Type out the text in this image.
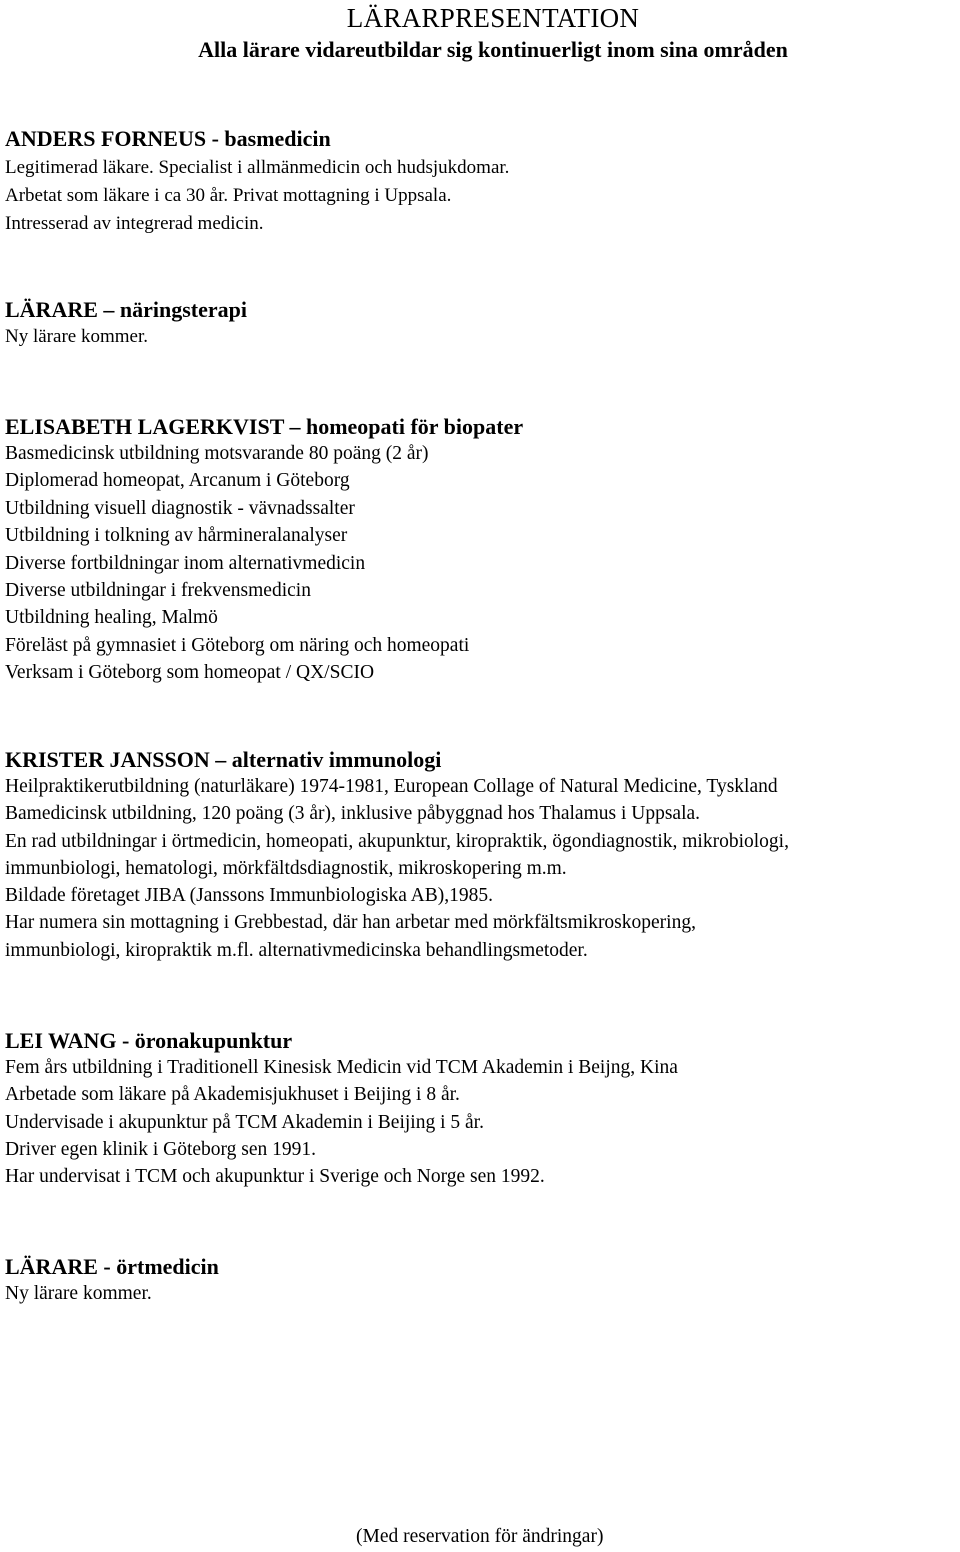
LÄRARPRESENTATION

Alla lärare vidareutbildar sig kontinuerligt inom sina områden

ANDERS FORNEUS - basmedicin

Legitimerad läkare. Specialist i allmänmedicin och hudsjukdomar.

Arbetat som läkare i ca 30 år. Privat mottagning i Uppsala.

Intresserad av integrerad medicin.

LÄRARE – näringsterapi

Ny lärare kommer.

ELISABETH LAGERKVIST – homeopati för biopater

Basmedicinsk utbildning motsvarande 80 poäng (2 år)

Diplomerad homeopat, Arcanum i Göteborg

Utbildning visuell diagnostik - vävnadssalter

Utbildning i tolkning av hårmineralanalyser

Diverse fortbildningar inom alternativmedicin

Diverse utbildningar i frekvensmedicin

Utbildning healing, Malmö

Föreläst på gymnasiet i Göteborg om näring och homeopati

Verksam i Göteborg som homeopat / QX/SCIO

KRISTER JANSSON – alternativ immunologi

Heilpraktikerutbildning (naturläkare) 1974-1981, European Collage of Natural Medicine, Tyskland

Bamedicinsk utbildning, 120 poäng (3 år), inklusive påbyggnad hos Thalamus i Uppsala.

En rad utbildningar i örtmedicin, homeopati, akupunktur, kiropraktik, ögondiagnostik, mikrobiologi,

immunbiologi, hematologi, mörkfältdsdiagnostik, mikroskopering m.m.

Bildade företaget JIBA (Janssons Immunbiologiska AB),1985.

Har numera sin mottagning i Grebbestad, där han arbetar med mörkfältsmikroskopering,

immunbiologi, kiropraktik m.fl. alternativmedicinska behandlingsmetoder.

LEI WANG - öronakupunktur

Fem års utbildning i Traditionell Kinesisk Medicin vid TCM Akademin i Beijng, Kina

Arbetade som läkare på Akademisjukhuset i Beijing i 8 år.

Undervisade i akupunktur på TCM Akademin i Beijing i 5 år.

Driver egen klinik i Göteborg sen 1991.

Har undervisat i TCM och akupunktur i Sverige och Norge sen 1992.

LÄRARE - örtmedicin

Ny lärare kommer.

(Med reservation för ändringar)
